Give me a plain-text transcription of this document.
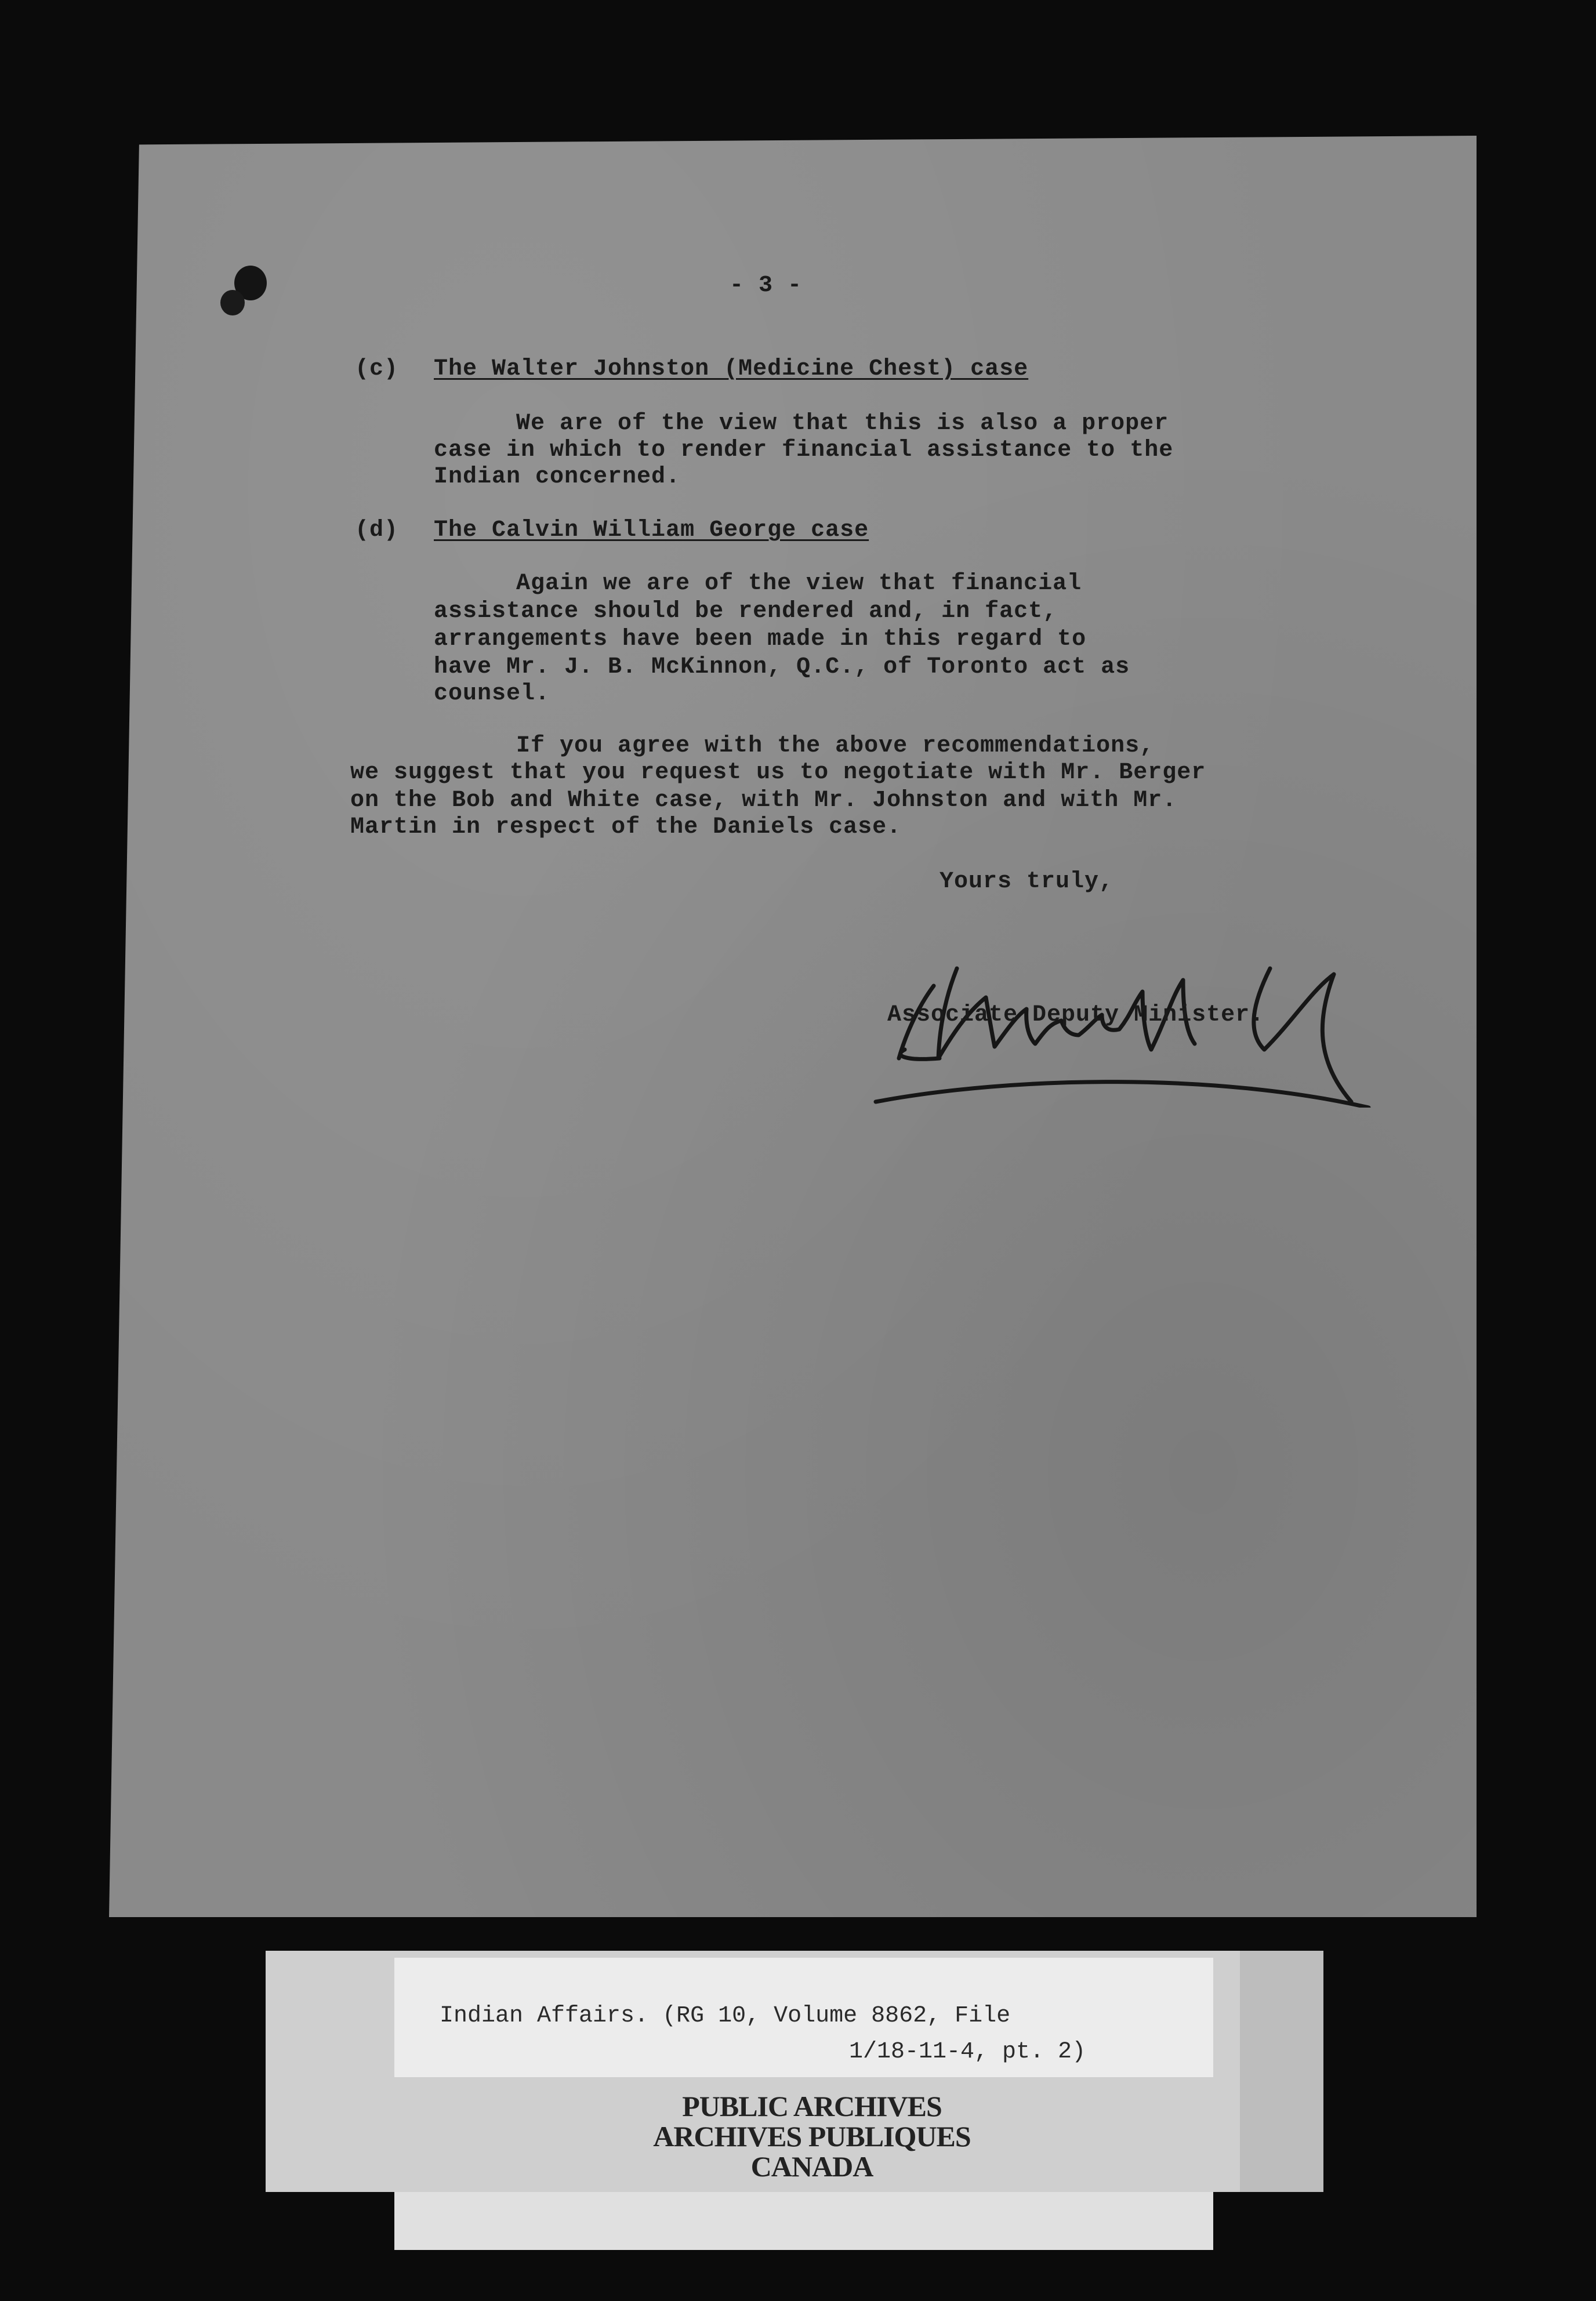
- 3 -
(c) The Walter Johnston (Medicine Chest) case
We are of the view that this is also a proper
case in which to render financial assistance to the
Indian concerned.
(d) The Calvin William George case
Again we are of the view that financial
assistance should be rendered and, in fact,
arrangements have been made in this regard to
have Mr. J. B. McKinnon, Q.C., of Toronto act as
counsel.
If you agree with the above recommendations,
we suggest that you request us to negotiate with Mr. Berger
on the Bob and White case, with Mr. Johnston and with Mr.
Martin in respect of the Daniels case.
Yours truly,
Associate Deputy Minister.
Indian Affairs. (RG 10, Volume 8862, File
1/18-11-4, pt. 2)
PUBLIC ARCHIVES
ARCHIVES PUBLIQUES
CANADA
